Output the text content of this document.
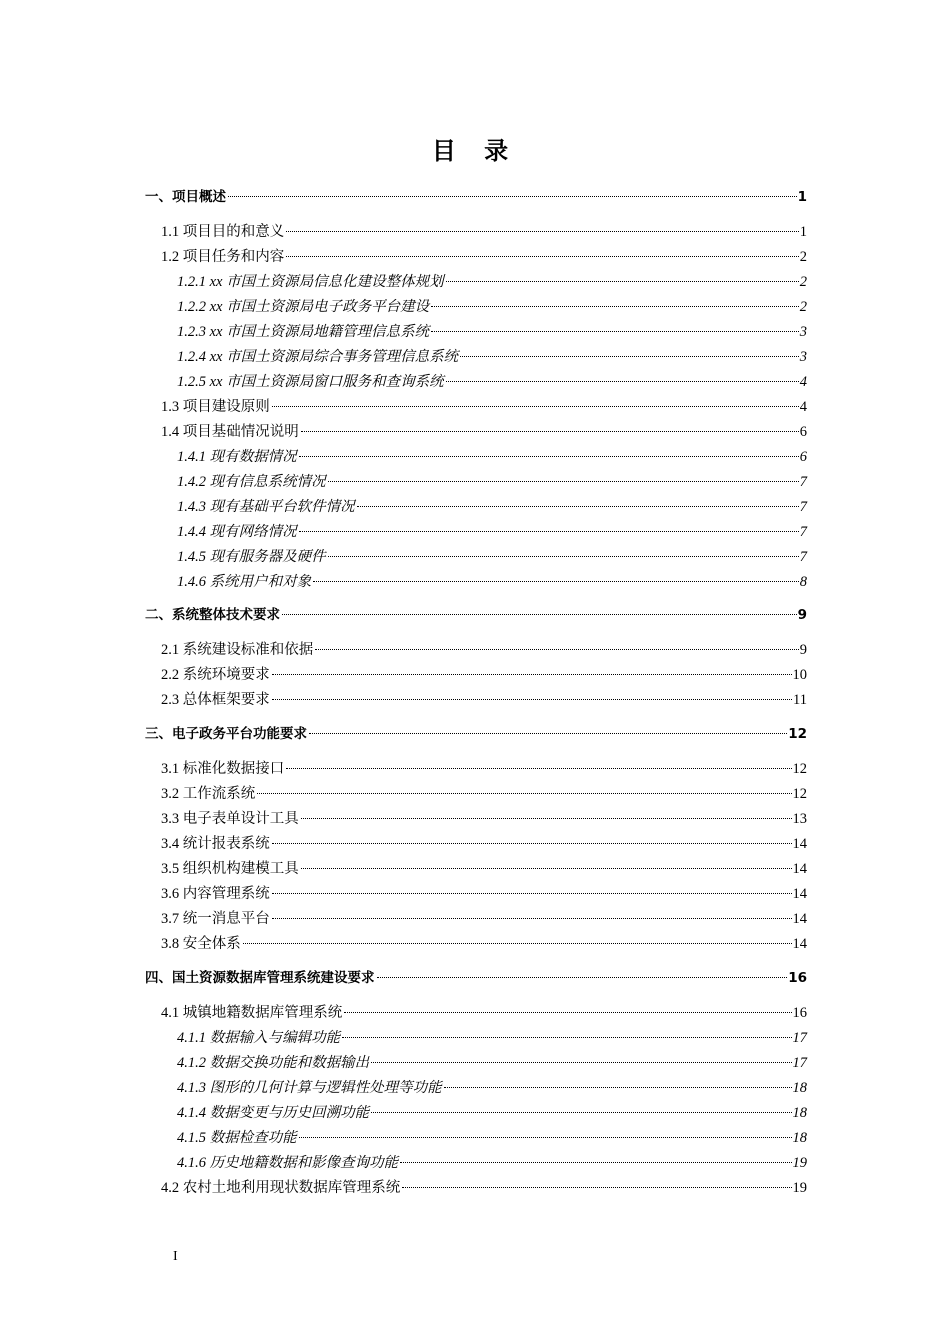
目 录
一、项目概述	1
1.1 项目目的和意义	1
1.2 项目任务和内容	2
1.2.1 xx 市国土资源局信息化建设整体规划	2
1.2.2 xx 市国土资源局电子政务平台建设	2
1.2.3 xx 市国土资源局地籍管理信息系统	3
1.2.4 xx 市国土资源局综合事务管理信息系统	3
1.2.5 xx 市国土资源局窗口服务和查询系统	4
1.3 项目建设原则	4
1.4 项目基础情况说明	6
1.4.1 现有数据情况	6
1.4.2 现有信息系统情况	7
1.4.3 现有基础平台软件情况	7
1.4.4 现有网络情况	7
1.4.5 现有服务器及硬件	7
1.4.6 系统用户和对象	8
二、系统整体技术要求	9
2.1 系统建设标准和依据	9
2.2 系统环境要求	10
2.3 总体框架要求	11
三、电子政务平台功能要求	12
3.1 标准化数据接口	12
3.2 工作流系统	12
3.3 电子表单设计工具	13
3.4 统计报表系统	14
3.5 组织机构建模工具	14
3.6 内容管理系统	14
3.7 统一消息平台	14
3.8 安全体系	14
四、国土资源数据库管理系统建设要求	16
4.1 城镇地籍数据库管理系统	16
4.1.1 数据输入与编辑功能	17
4.1.2 数据交换功能和数据输出	17
4.1.3 图形的几何计算与逻辑性处理等功能	18
4.1.4 数据变更与历史回溯功能	18
4.1.5 数据检查功能	18
4.1.6 历史地籍数据和影像查询功能	19
4.2 农村土地利用现状数据库管理系统	19
I
